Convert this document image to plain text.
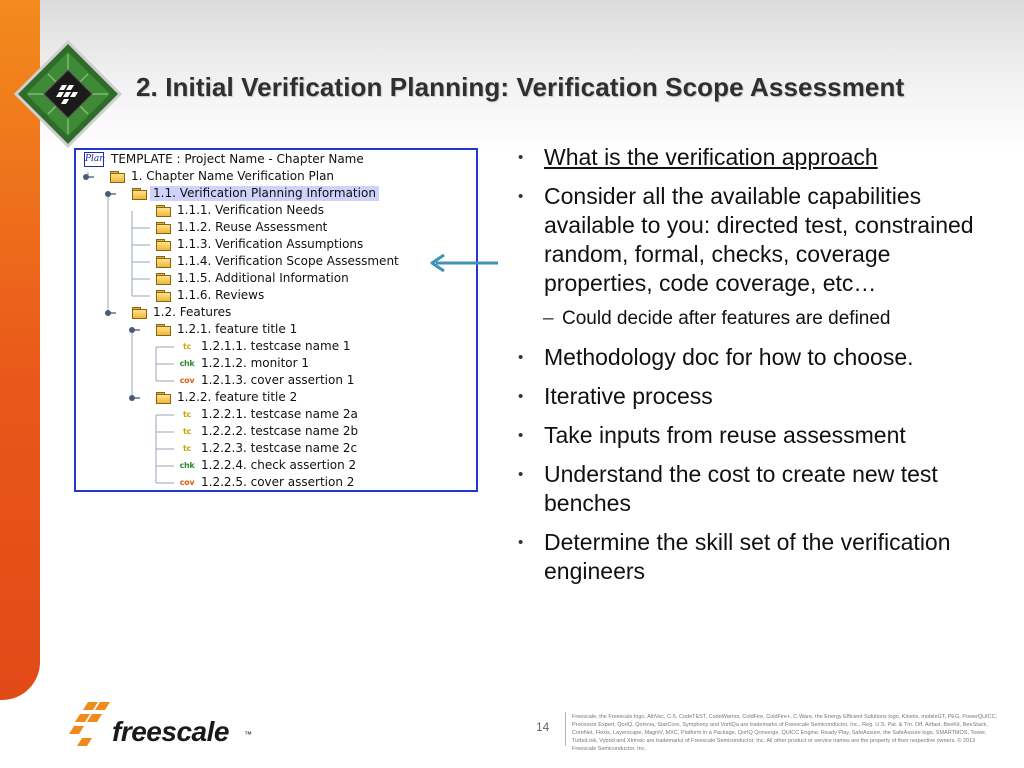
2. Initial Verification Planning: Verification Scope Assessment
Plan TEMPLATE : Project Name - Chapter Name
1. Chapter Name Verification Plan
1.1. Verification Planning Information
1.1.1. Verification Needs
1.1.2. Reuse Assessment
1.1.3. Verification Assumptions
1.1.4. Verification Scope Assessment
1.1.5. Additional Information
1.1.6. Reviews
1.2. Features
1.2.1. feature title 1
tc 1.2.1.1. testcase name 1
chk 1.2.1.2. monitor 1
cov 1.2.1.3. cover assertion 1
1.2.2. feature title 2
tc 1.2.2.1. testcase name 2a
tc 1.2.2.2. testcase name 2b
tc 1.2.2.3. testcase name 2c
chk 1.2.2.4. check assertion 2
cov 1.2.2.5. cover assertion 2
• What is the verification approach
• Consider all the available capabilities available to you: directed test, constrained random, formal, checks, coverage properties, code coverage, etc…
– Could decide after features are defined
• Methodology doc for how to choose.
• Iterative process
• Take inputs from reuse assessment
• Understand the cost to create new test benches
• Determine the skill set of the verification engineers
freescale ™
14
Freescale, the Freescale logo, AltiVec, C-5, CodeTEST, CodeWarrior, ColdFire, ColdFire+, C-Ware, the Energy Efficient Solutions logo, Kinetis, mobileGT, PEG, PowerQUICC, Processor Expert, QorIQ, Qorivva, StarCore, Symphony and VortiQa are trademarks of Freescale Semiconductor, Inc., Reg. U.S. Pat. & Tm. Off. Airfast, BeeKit, BeeStack, CoreNet, Flexis, Layerscape, MagniV, MXC, Platform in a Package, QorIQ Qonverge, QUICC Engine, Ready Play, SafeAssure, the SafeAssure logo, SMARTMOS, Tower, TurboLink, Vybrid and Xtrinsic are trademarks of Freescale Semiconductor, Inc. All other product or service names are the property of their respective owners. © 2013 Freescale Semiconductor, Inc.
